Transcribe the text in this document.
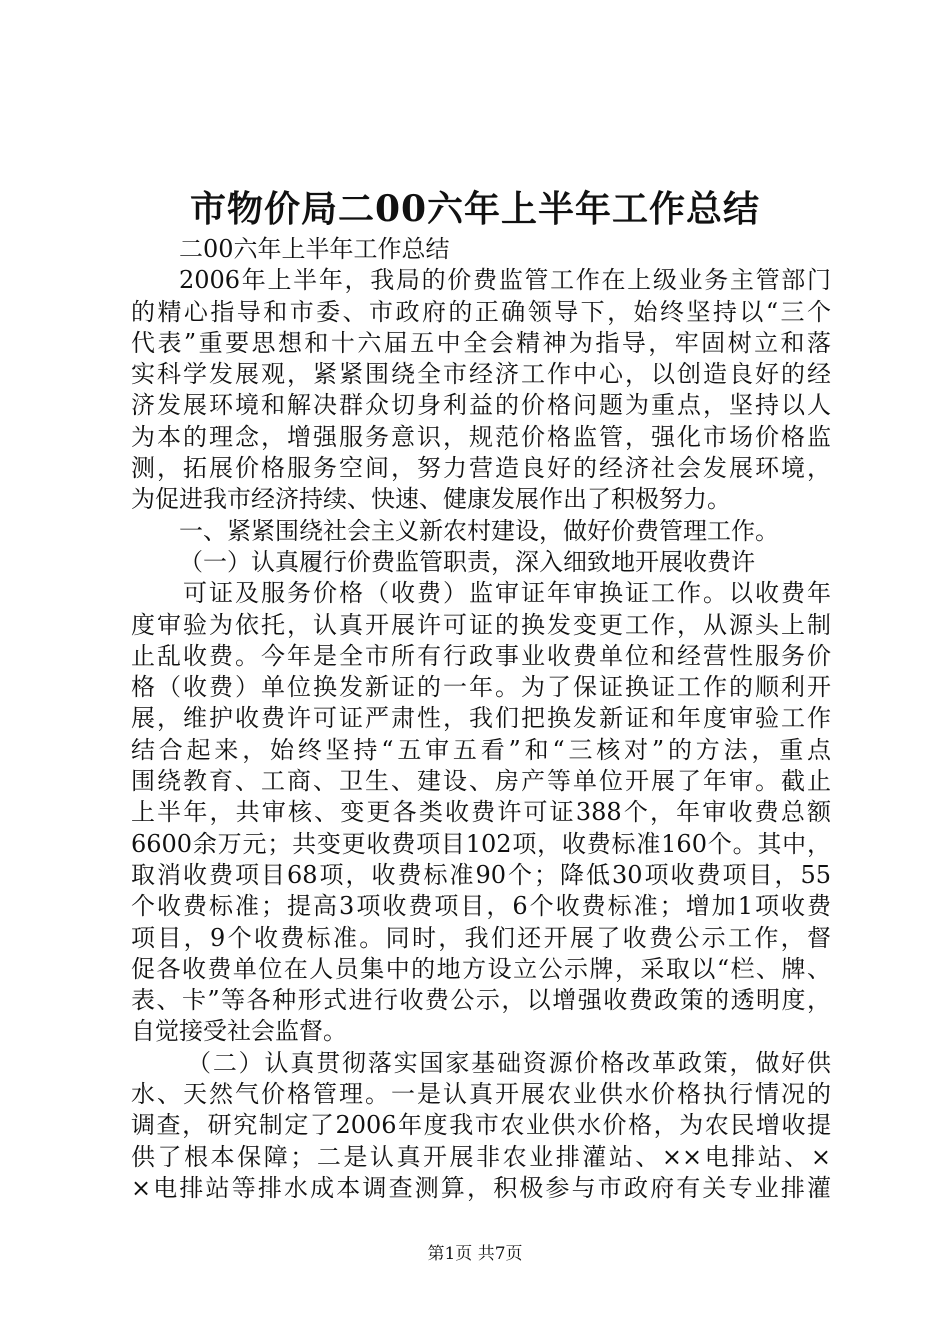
市物价局二00六年上半年工作总结
二00六年上半年工作总结
2006年上半年，我局的价费监管工作在上级业务主管部门
的精心指导和市委、市政府的正确领导下，始终坚持以“三个
代表”重要思想和十六届五中全会精神为指导，牢固树立和落
实科学发展观，紧紧围绕全市经济工作中心，以创造良好的经
济发展环境和解决群众切身利益的价格问题为重点，坚持以人
为本的理念，增强服务意识，规范价格监管，强化市场价格监
测，拓展价格服务空间，努力营造良好的经济社会发展环境，
为促进我市经济持续、快速、健康发展作出了积极努力。
一、紧紧围绕社会主义新农村建设，做好价费管理工作。
（一）认真履行价费监管职责，深入细致地开展收费许
可证及服务价格（收费）监审证年审换证工作。以收费年
度审验为依托，认真开展许可证的换发变更工作，从源头上制
止乱收费。今年是全市所有行政事业收费单位和经营性服务价
格（收费）单位换发新证的一年。为了保证换证工作的顺利开
展，维护收费许可证严肃性，我们把换发新证和年度审验工作
结合起来，始终坚持“五审五看”和“三核对”的方法，重点
围绕教育、工商、卫生、建设、房产等单位开展了年审。截止
上半年，共审核、变更各类收费许可证388个，年审收费总额
6600余万元；共变更收费项目102项，收费标准160个。其中，
取消收费项目68项，收费标准90个；降低30项收费项目，55
个收费标准；提高3项收费项目，6个收费标准；增加1项收费
项目，9个收费标准。同时，我们还开展了收费公示工作，督
促各收费单位在人员集中的地方设立公示牌，采取以“栏、牌、
表、卡”等各种形式进行收费公示，以增强收费政策的透明度，
自觉接受社会监督。
（二）认真贯彻落实国家基础资源价格改革政策，做好供
水、天然气价格管理。一是认真开展农业供水价格执行情况的
调查，研究制定了2006年度我市农业供水价格，为农民增收提
供了根本保障；二是认真开展非农业排灌站、××电排站、×
×电排站等排水成本调查测算，积极参与市政府有关专业排灌
第1页 共7页
